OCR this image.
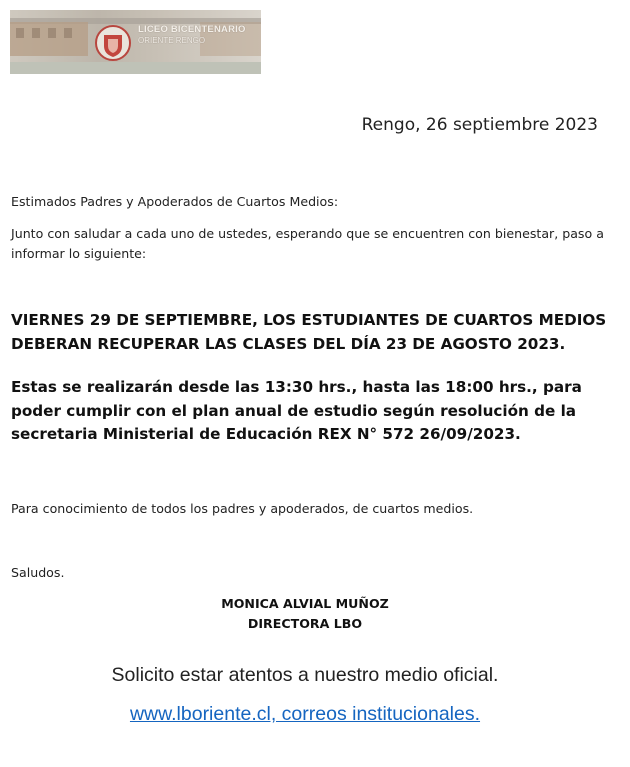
LICEO BICENTENARIO
ORIENTE RENGO
Rengo, 26 septiembre 2023
Estimados Padres y Apoderados de Cuartos Medios:
Junto con saludar a cada uno de ustedes, esperando que se encuentren con bienestar, paso a informar lo siguiente:
VIERNES 29 DE SEPTIEMBRE, LOS ESTUDIANTES DE CUARTOS MEDIOS DEBERAN RECUPERAR LAS CLASES DEL DÍA 23 DE AGOSTO 2023.
Estas se realizarán desde las 13:30 hrs., hasta las 18:00 hrs., para poder cumplir con el plan anual de estudio según resolución de la secretaria Ministerial de Educación REX N° 572 26/09/2023.
Para conocimiento de todos los padres y apoderados, de cuartos medios.
Saludos.
MONICA ALVIAL MUÑOZ
DIRECTORA LBO
Solicito estar atentos a nuestro medio oficial.
www.lboriente.cl, correos institucionales.
